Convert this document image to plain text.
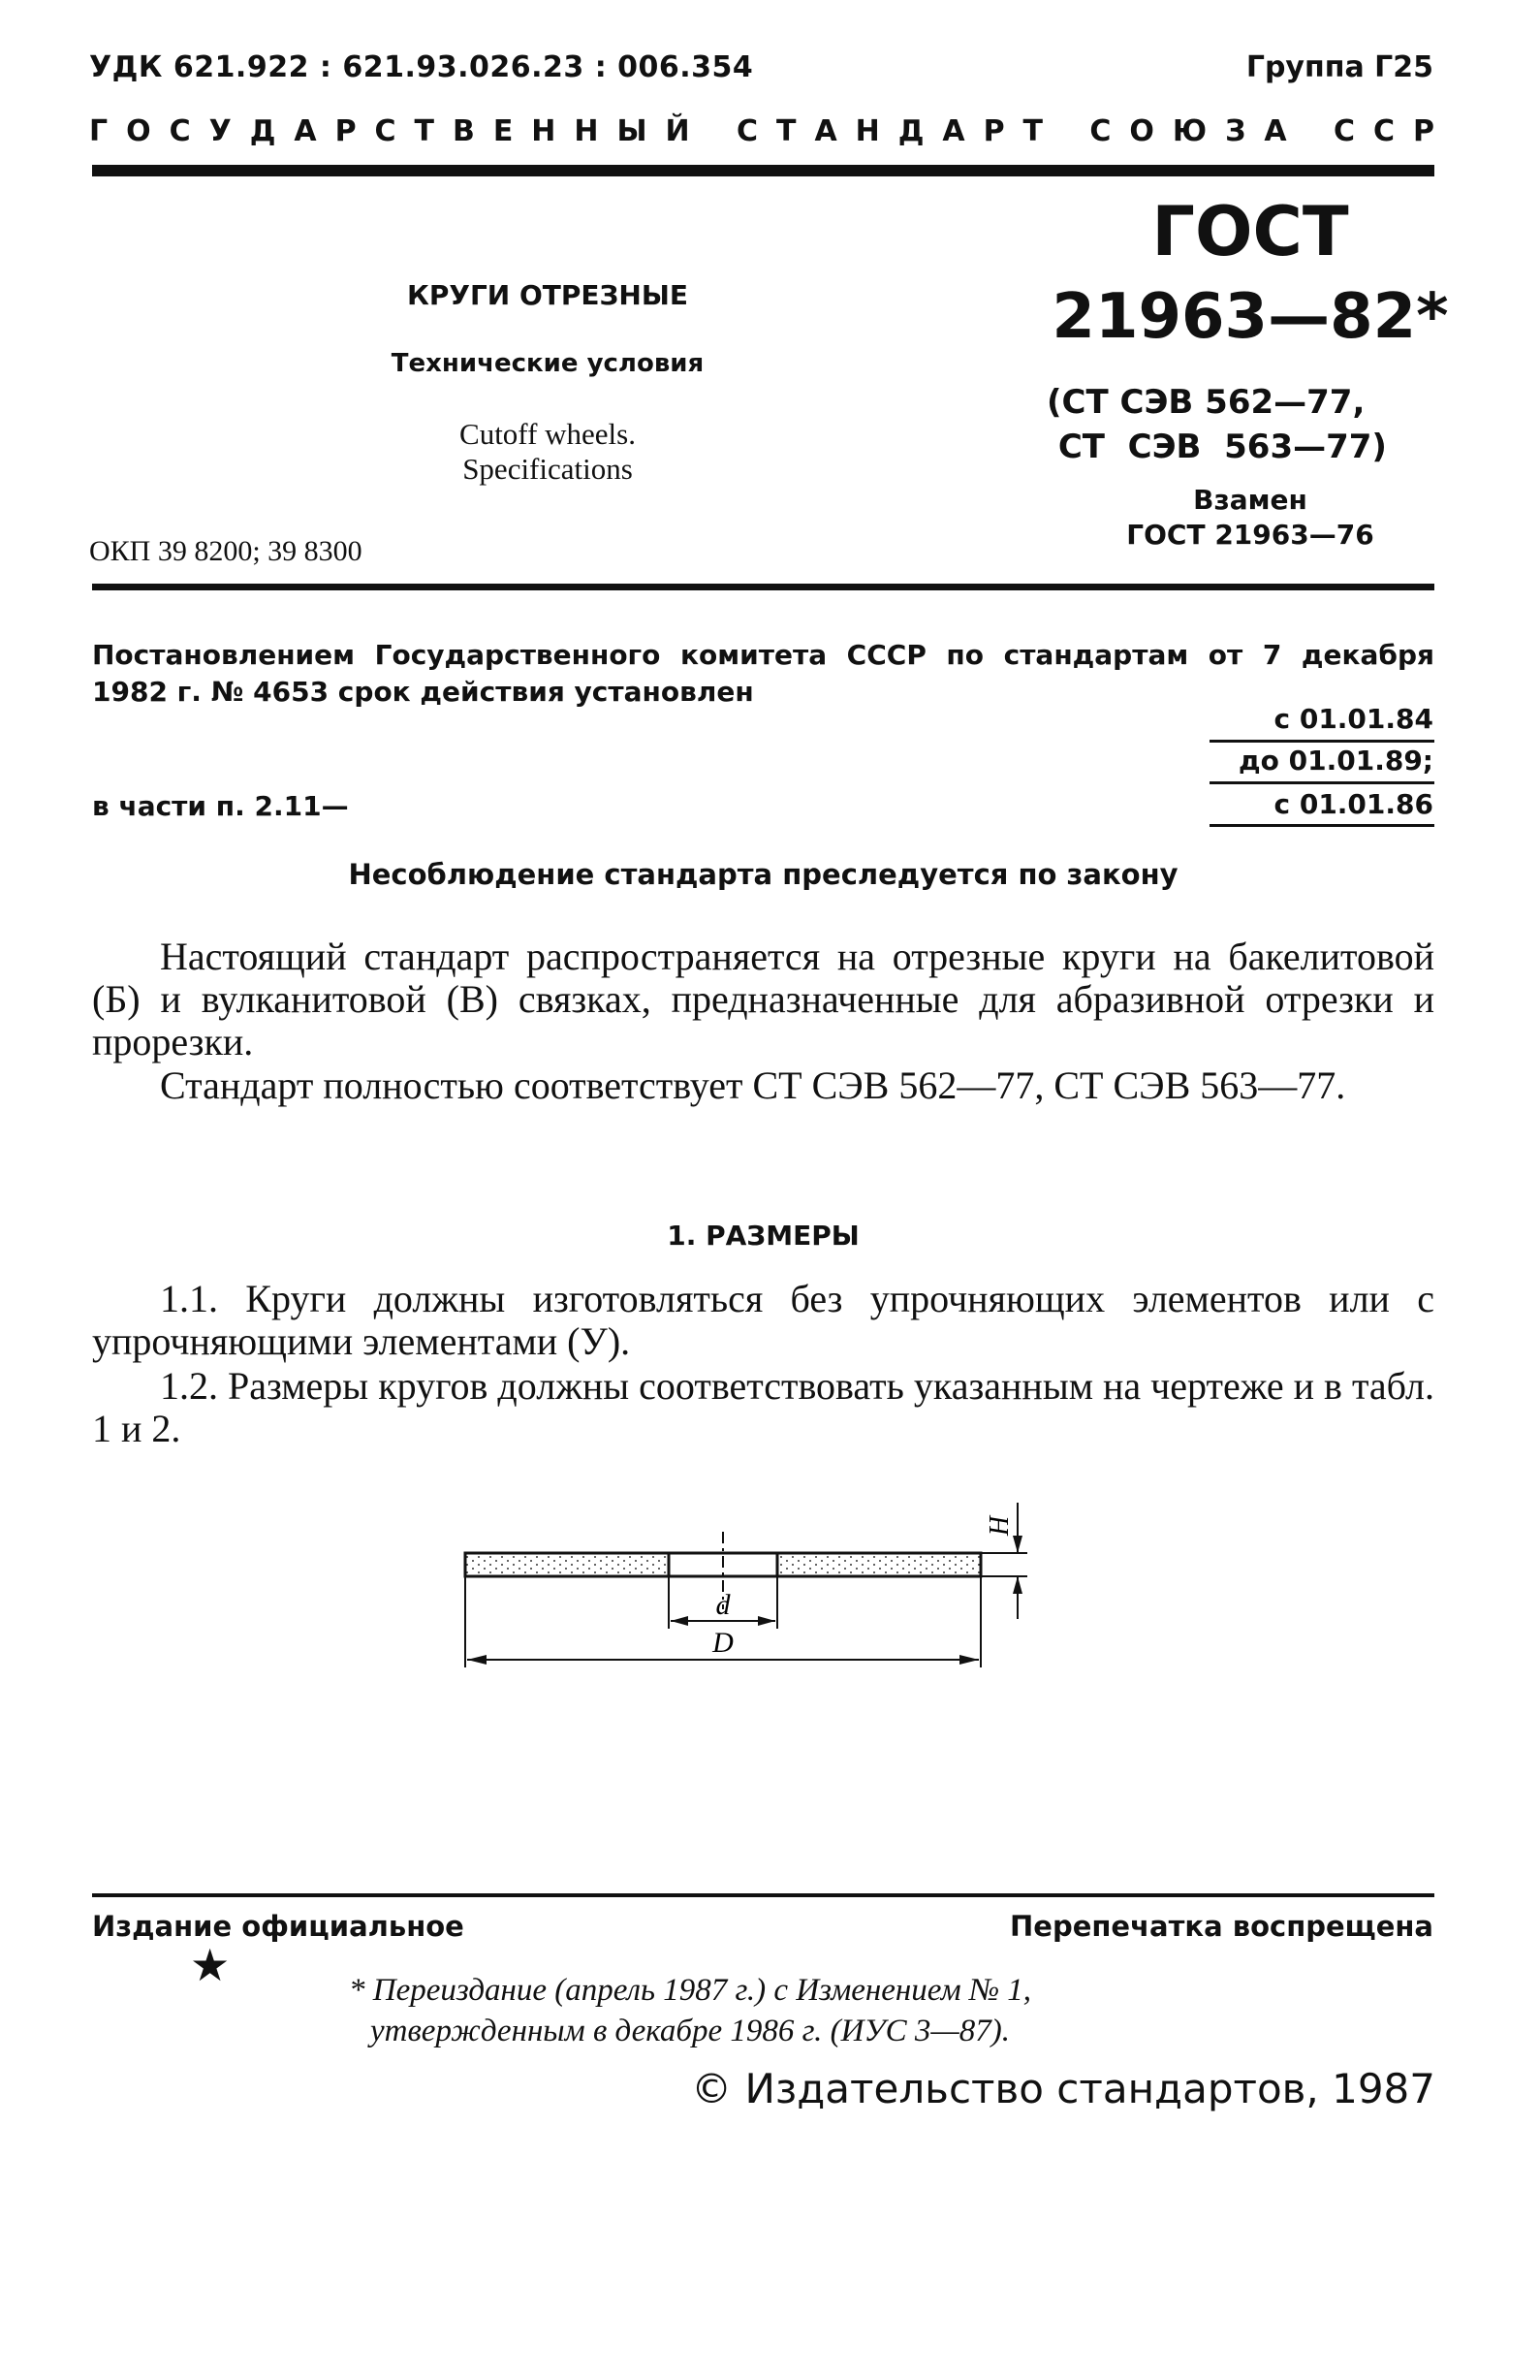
УДК 621.922 : 621.93.026.23 : 006.354	Группа Г25
Г О С У Д А Р С Т В Е Н Н Ы Й
С Т А Н Д А Р Т
С О Ю З А
С С Р
КРУГИ ОТРЕЗНЫЕ
Технические условия
Cutoff wheels.
Specifications
ОКП 39 8200; 39 8300
ГОСТ
21963—82*
(СТ СЭВ 562—77,
СТ  СЭВ  563—77)
Взамен
ГОСТ 21963—76
Постановлением Государственного комитета СССР по стандартам от 7 декабря 1982 г. № 4653 срок действия установлен
с 01.01.84
до 01.01.89;
в части п. 2.11—	с 01.01.86
Несоблюдение стандарта преследуется по закону
Настоящий стандарт распространяется на отрезные круги на бакелитовой (Б) и вулканитовой (В) связках, предназначенные для абразивной отрезки и прорезки.
Стандарт полностью соответствует СТ СЭВ 562—77, СТ СЭВ 563—77.
1. РАЗМЕРЫ
1.1. Круги должны изготовляться без упрочняющих элементов или с упрочняющими элементами (У).
1.2. Размеры кругов должны соответствовать указанным на чертеже и в табл. 1 и 2.
d
D
H
Издание официальное
★
Перепечатка воспрещена
* Переиздание (апрель 1987 г.) с Изменением № 1,
утвержденным в декабре 1986 г. (ИУС 3—87).
© Издательство стандартов, 1987
